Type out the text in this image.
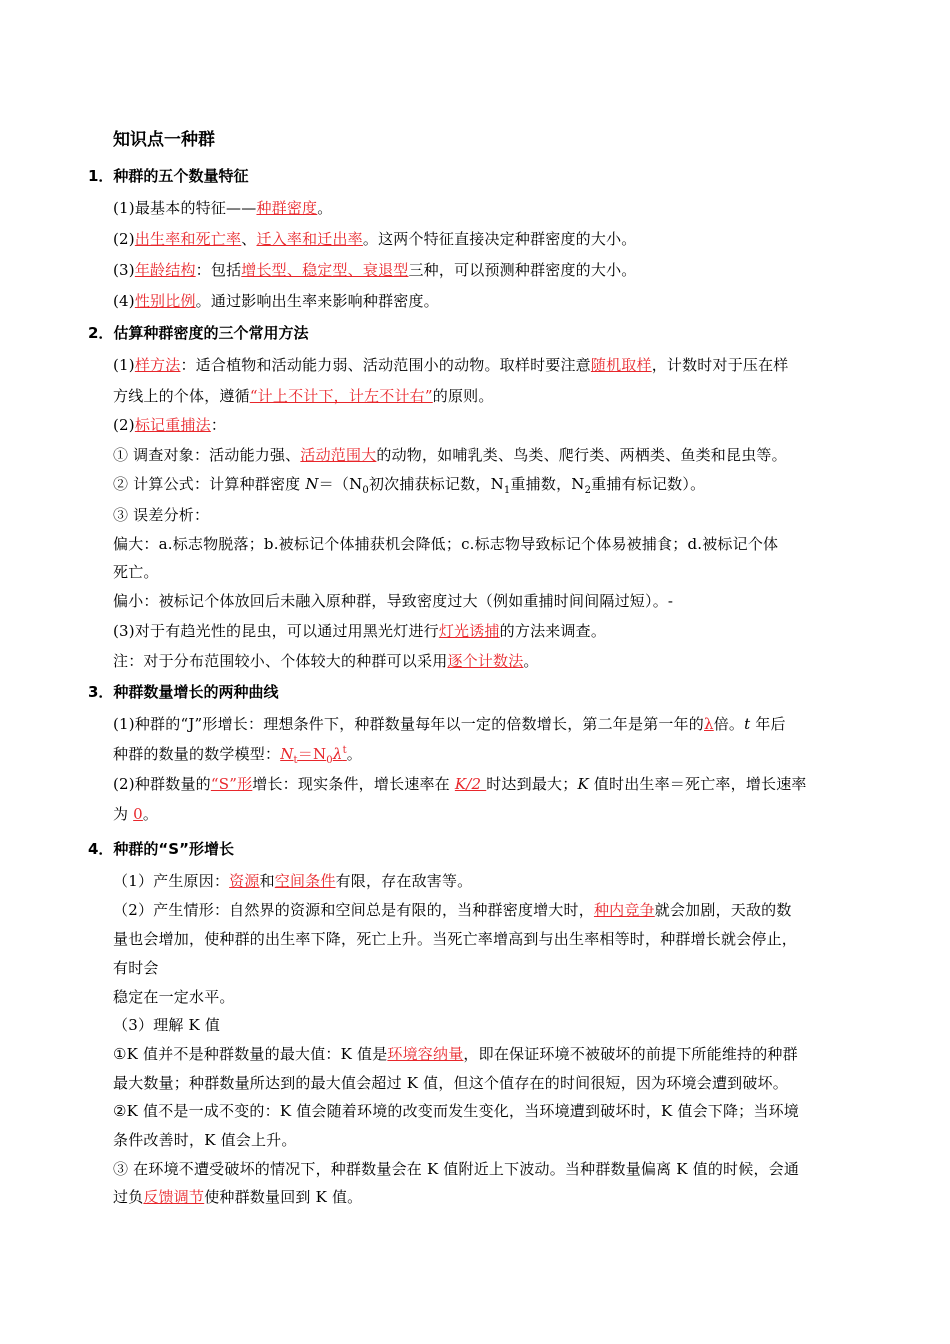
知识点一种群
1．种群的五个数量特征
(1)最基本的特征——种群密度。
(2)出生率和死亡率、迁入率和迁出率。这两个特征直接决定种群密度的大小。
(3)年龄结构：包括增长型、稳定型、衰退型三种，可以预测种群密度的大小。
(4)性别比例。通过影响出生率来影响种群密度。
2．估算种群密度的三个常用方法
(1)样方法：适合植物和活动能力弱、活动范围小的动物。取样时要注意随机取样，计数时对于压在样
方线上的个体，遵循“计上不计下，计左不计右”的原则。
(2)标记重捕法：
① 调查对象：活动能力强、活动范围大的动物，如哺乳类、鸟类、爬行类、两栖类、鱼类和昆虫等。
② 计算公式：计算种群密度 $N=(N_0$初次捕获标记数，$N_1$重捕数，$N_2$重捕有标记数）。
③ 误差分析：
偏大：a.标志物脱落；b.被标记个体捕获机会降低；c.标志物导致标记个体易被捕食；d.被标记个体
死亡。
偏小：被标记个体放回后未融入原种群，导致密度过大（例如重捕时间间隔过短）。-
(3)对于有趋光性的昆虫，可以通过用黑光灯进行灯光诱捕的方法来调查。
注：对于分布范围较小、个体较大的种群可以采用逐个计数法。
3．种群数量增长的两种曲线
(1)种群的“J”形增长：理想条件下，种群数量每年以一定的倍数增长，第二年是第一年的λ倍。t 年后
种群的数量的数学模型：$N_t=N_0\lambda^t$。
(2)种群数量的“S”形增长：现实条件，增长速率在 K/2 时达到最大；K 值时出生率＝死亡率，增长速率
为 0。
4．种群的“S”形增长
（1）产生原因：资源和空间条件有限，存在敌害等。
（2）产生情形：自然界的资源和空间总是有限的，当种群密度增大时，种内竞争就会加剧，天敌的数
量也会增加，使种群的出生率下降，死亡上升。当死亡率增高到与出生率相等时，种群增长就会停止，
有时会
稳定在一定水平。
（3）理解 K 值
①K 值并不是种群数量的最大值：K 值是环境容纳量，即在保证环境不被破坏的前提下所能维持的种群
最大数量；种群数量所达到的最大值会超过 K 值，但这个值存在的时间很短，因为环境会遭到破坏。
②K 值不是一成不变的：K 值会随着环境的改变而发生变化，当环境遭到破坏时，K 值会下降；当环境
条件改善时，K 值会上升。
③ 在环境不遭受破坏的情况下，种群数量会在 K 值附近上下波动。当种群数量偏离 K 值的时候，会通
过负反馈调节使种群数量回到 K 值。
